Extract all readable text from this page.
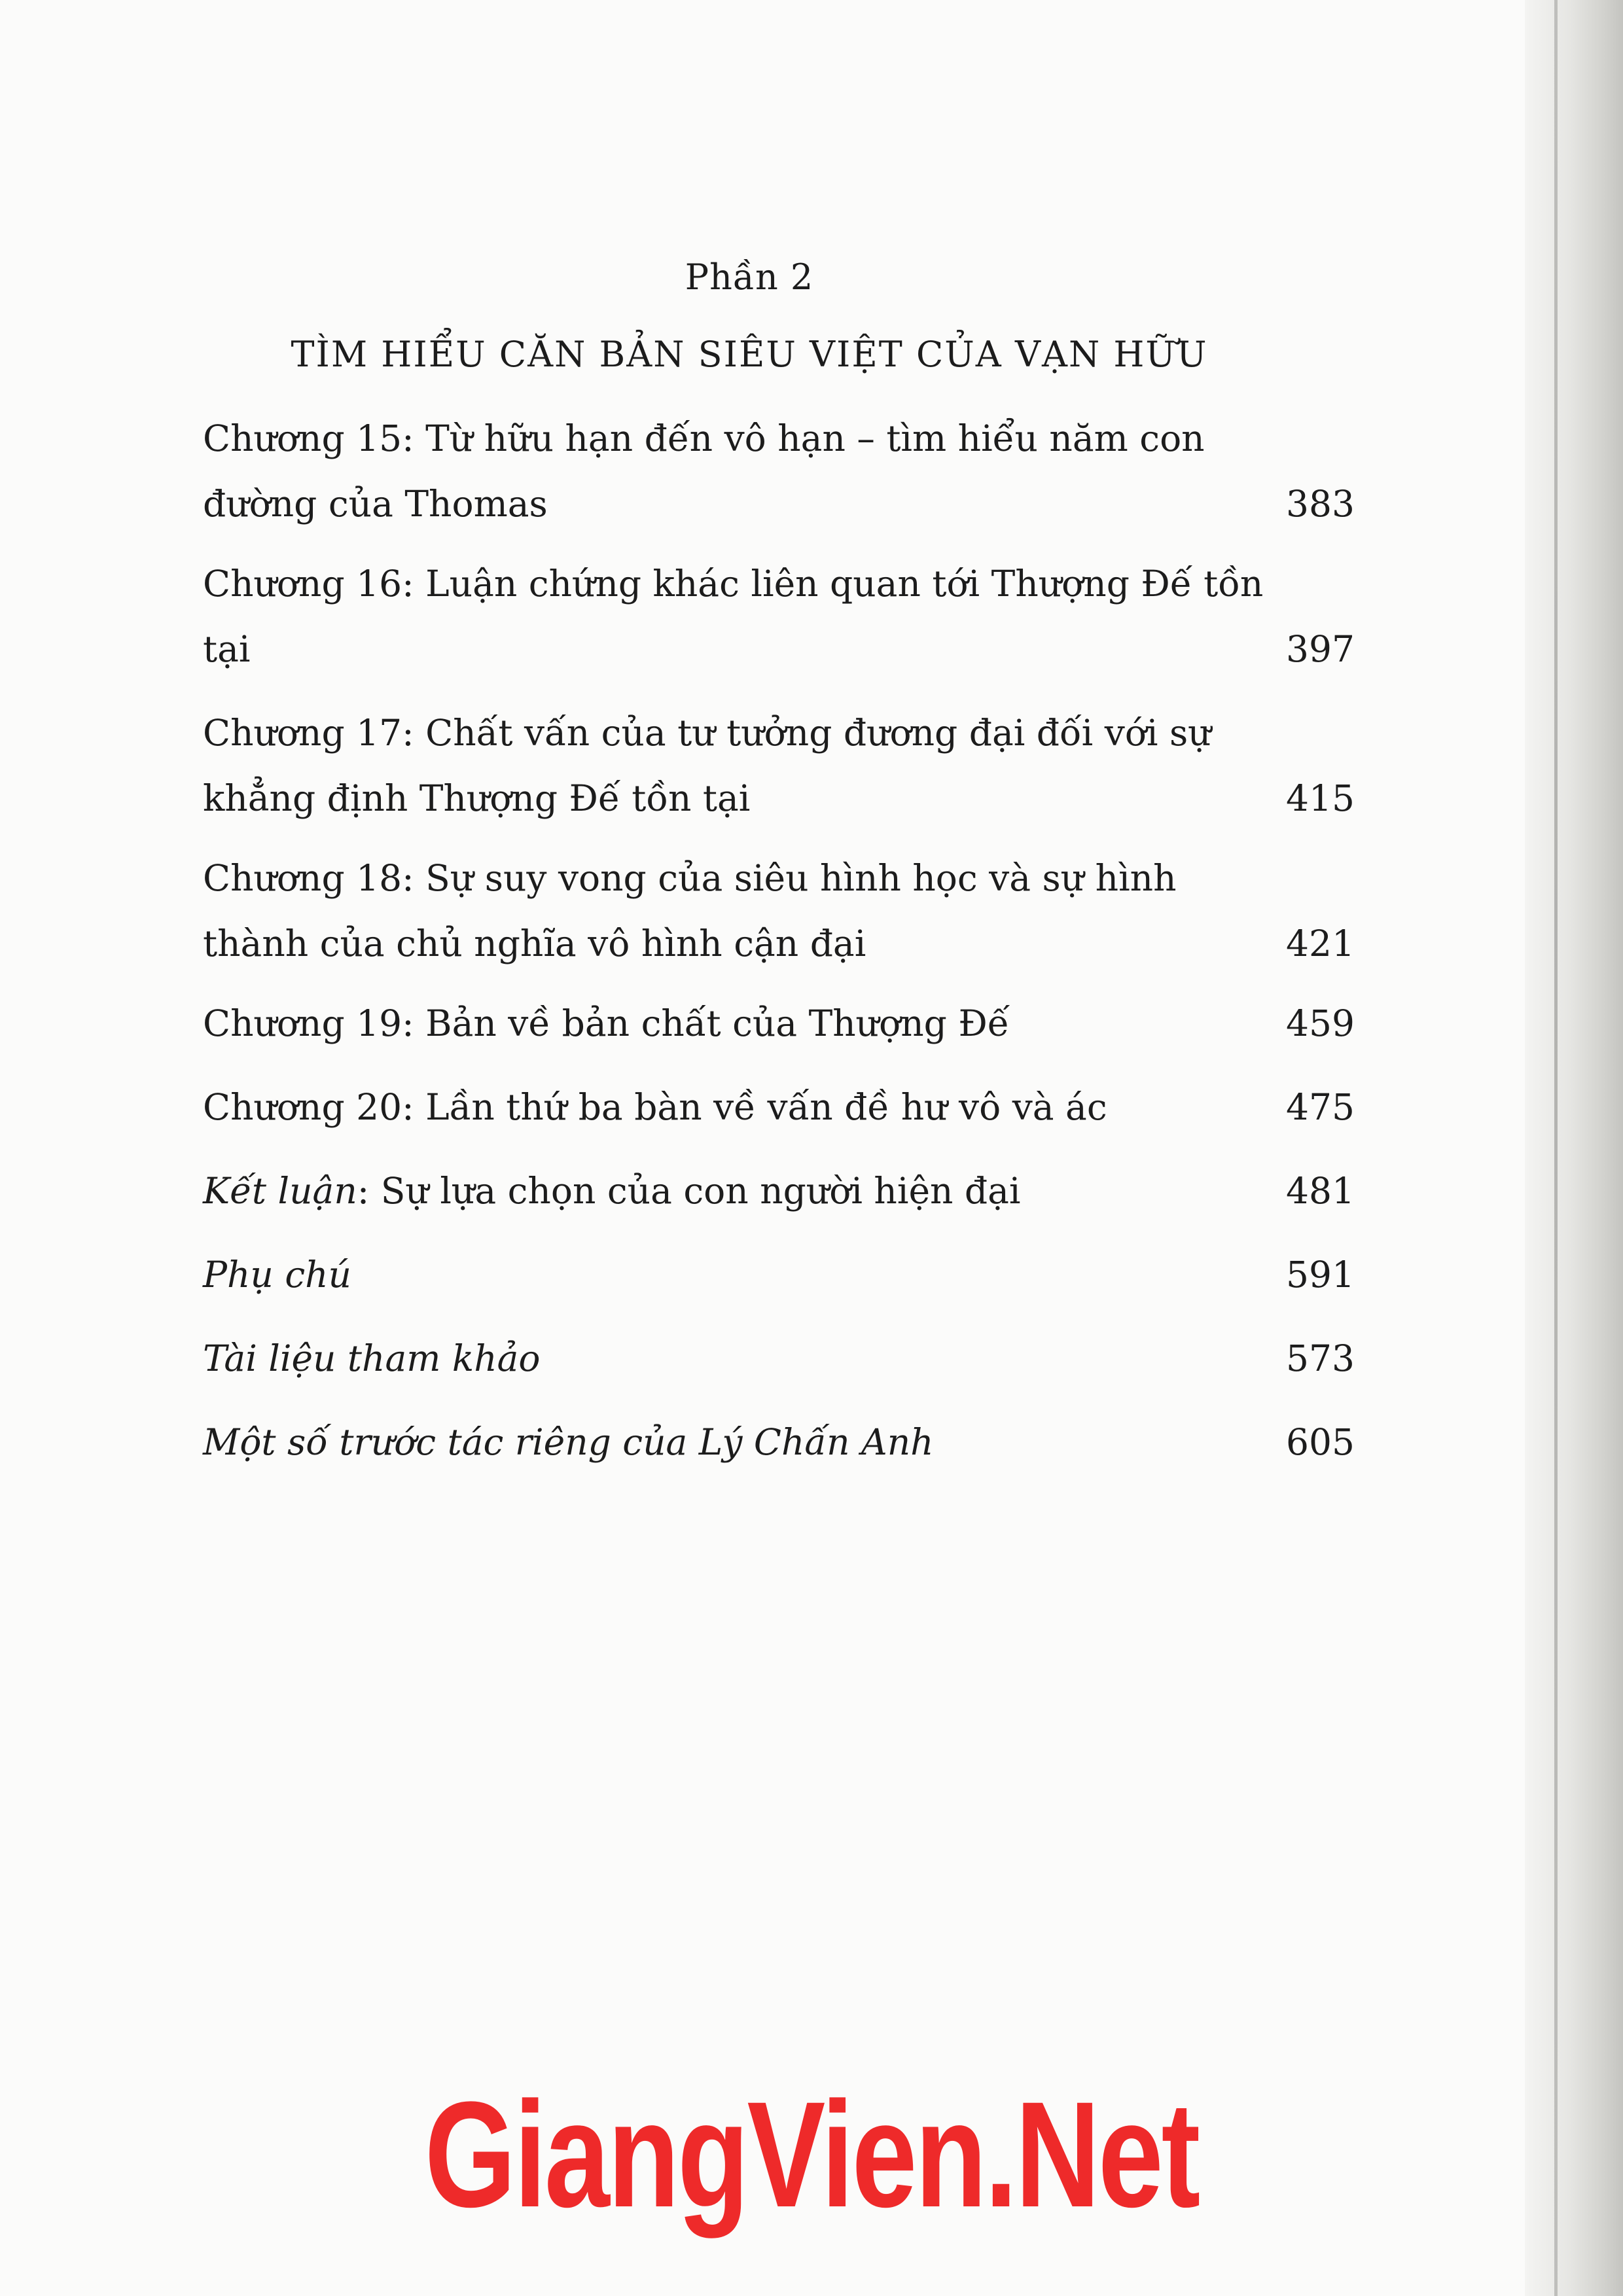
Phần 2
TÌM HIỂU CĂN BẢN SIÊU VIỆT CỦA VẠN HỮU
Chương 15: Từ hữu hạn đến vô hạn – tìm hiểu năm con đường của Thomas	383
Chương 16: Luận chứng khác liên quan tới Thượng Đế tồn tại	397
Chương 17: Chất vấn của tư tưởng đương đại đối với sự khẳng định Thượng Đế tồn tại	415
Chương 18: Sự suy vong của siêu hình học và sự hình thành của chủ nghĩa vô hình cận đại	421
Chương 19: Bản về bản chất của Thượng Đế	459
Chương 20: Lần thứ ba bàn về vấn đề hư vô và ác	475
Kết luận: Sự lựa chọn của con người hiện đại	481
Phụ chú	591
Tài liệu tham khảo	573
Một số trước tác riêng của Lý Chấn Anh	605
GiangVien.Net
